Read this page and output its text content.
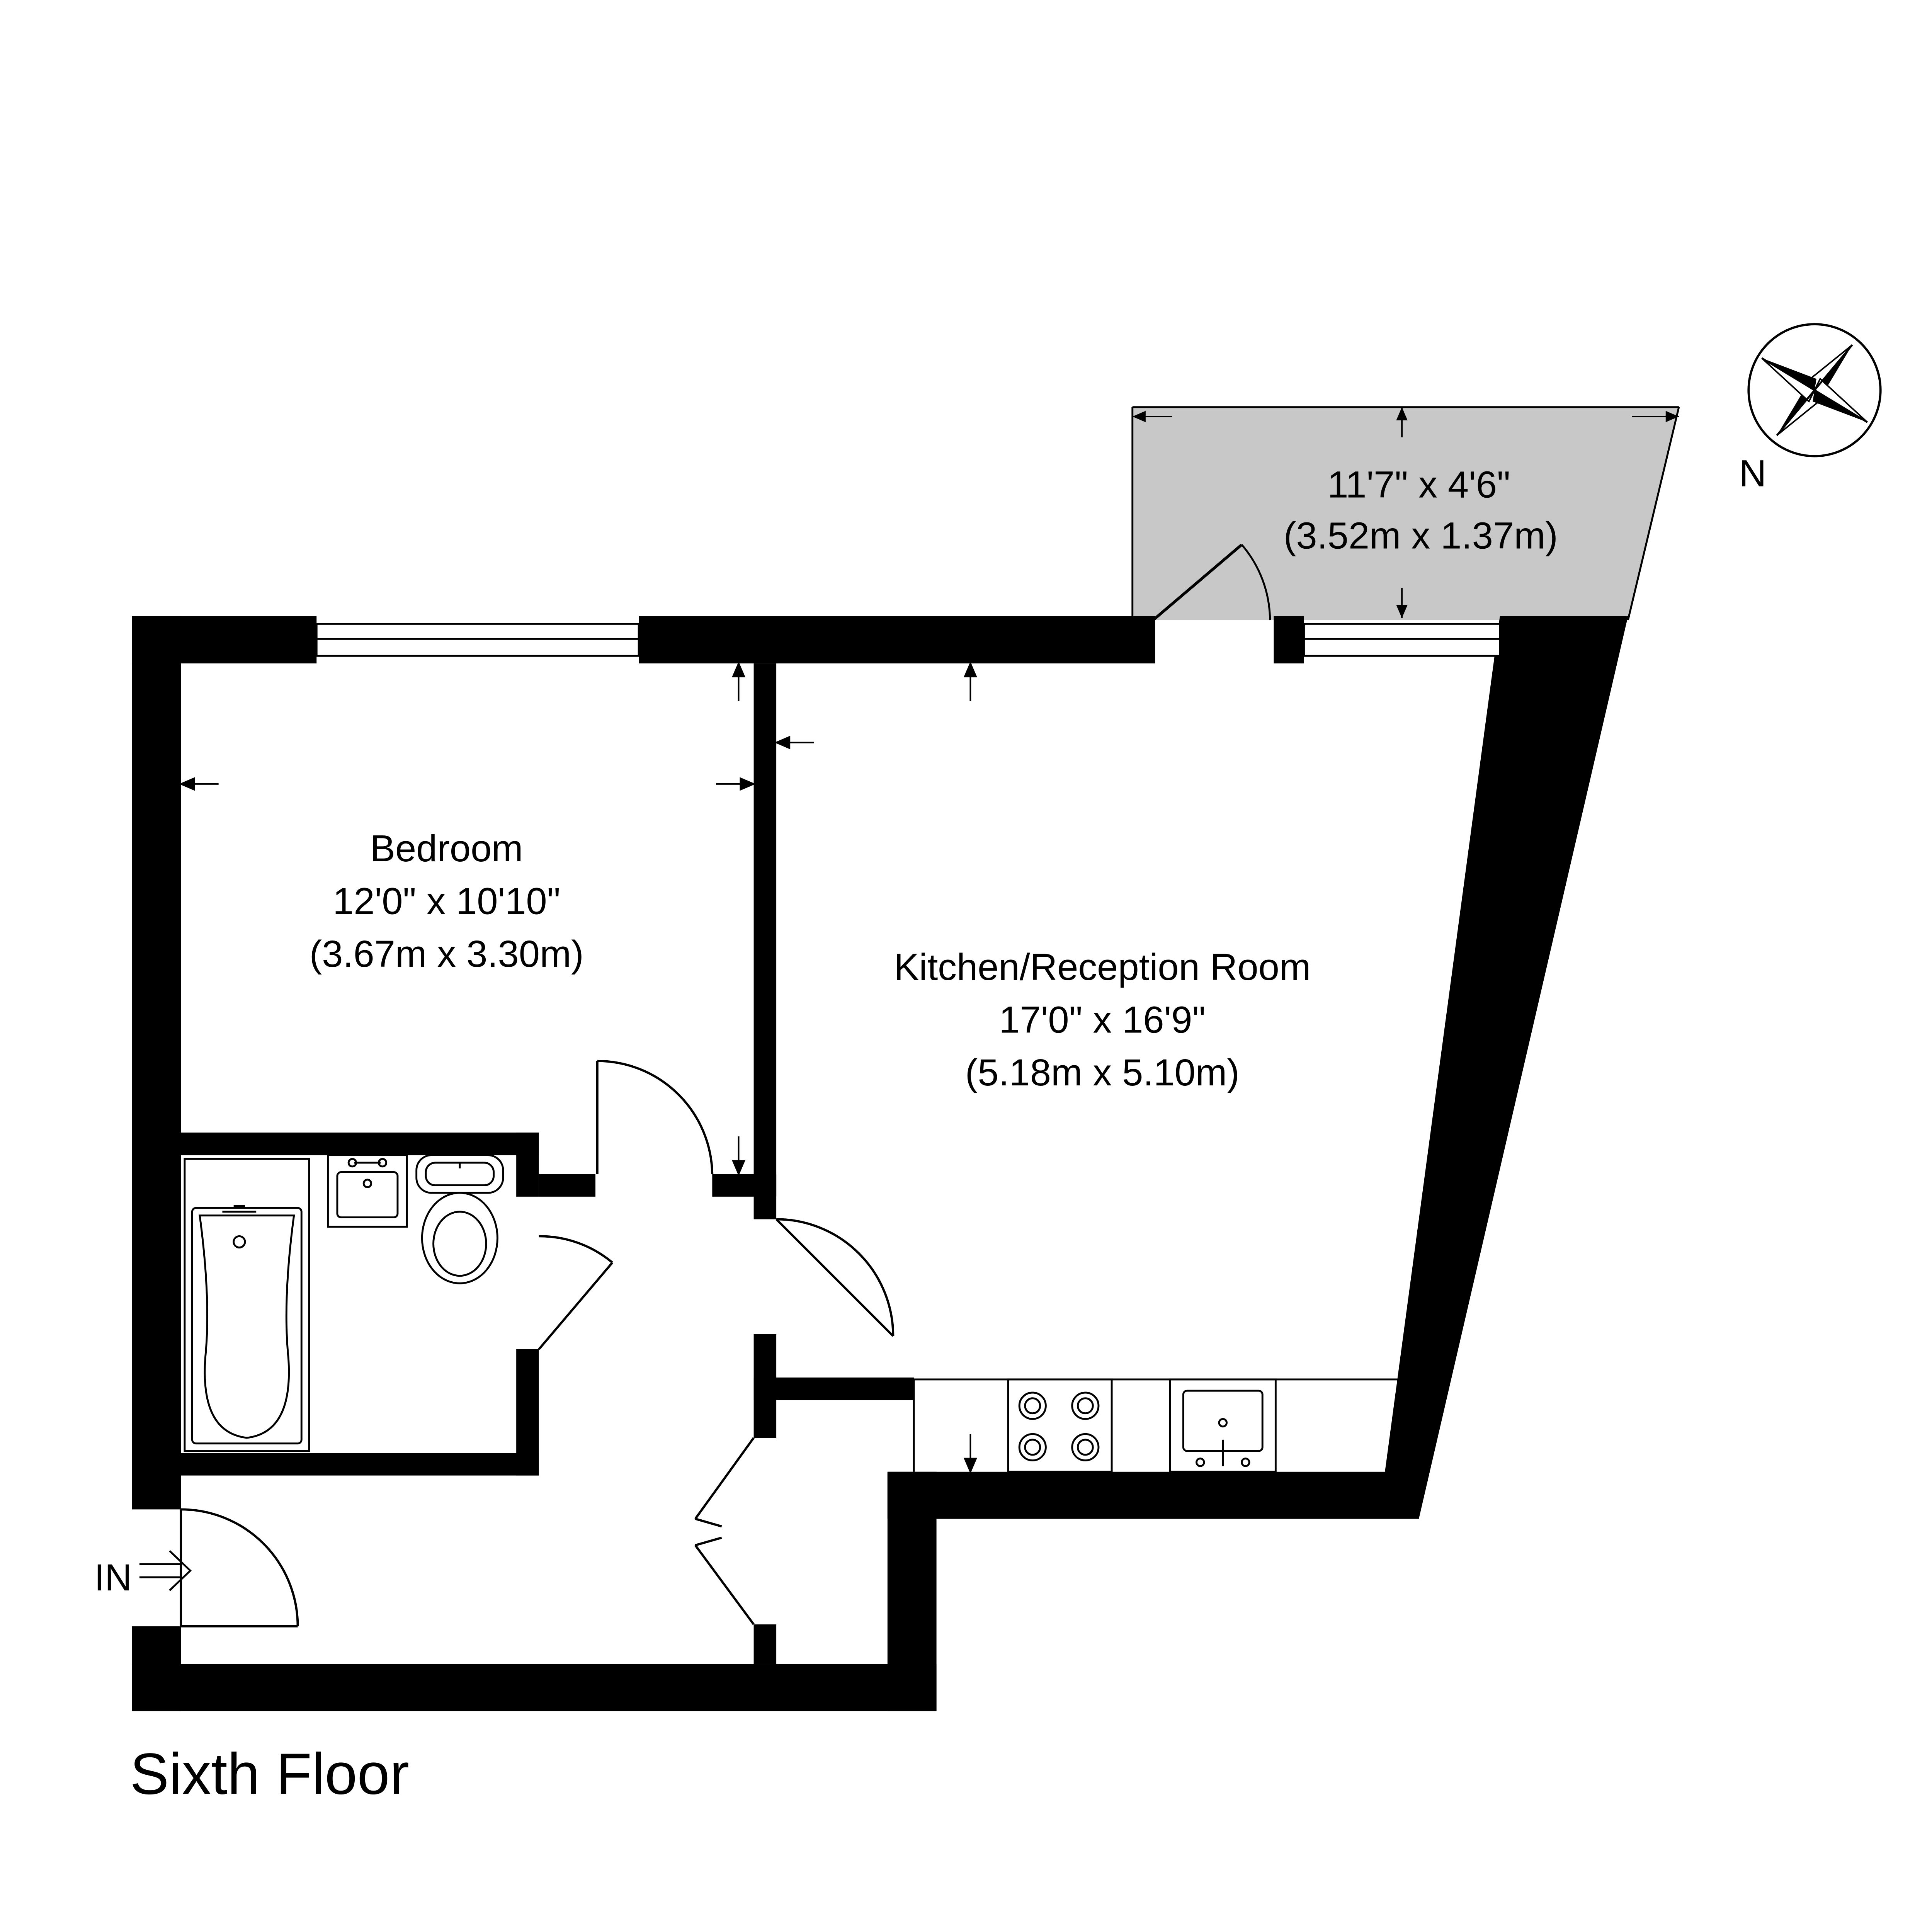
11'7" x 4'6"
(3.52m x 1.37m)
Bedroom
12'0" x 10'10"
(3.67m x 3.30m)	Kitchen/Reception Room
17'0" x 16'9"
(5.18m x 5.10m)
IN
Sixth Floor
N
